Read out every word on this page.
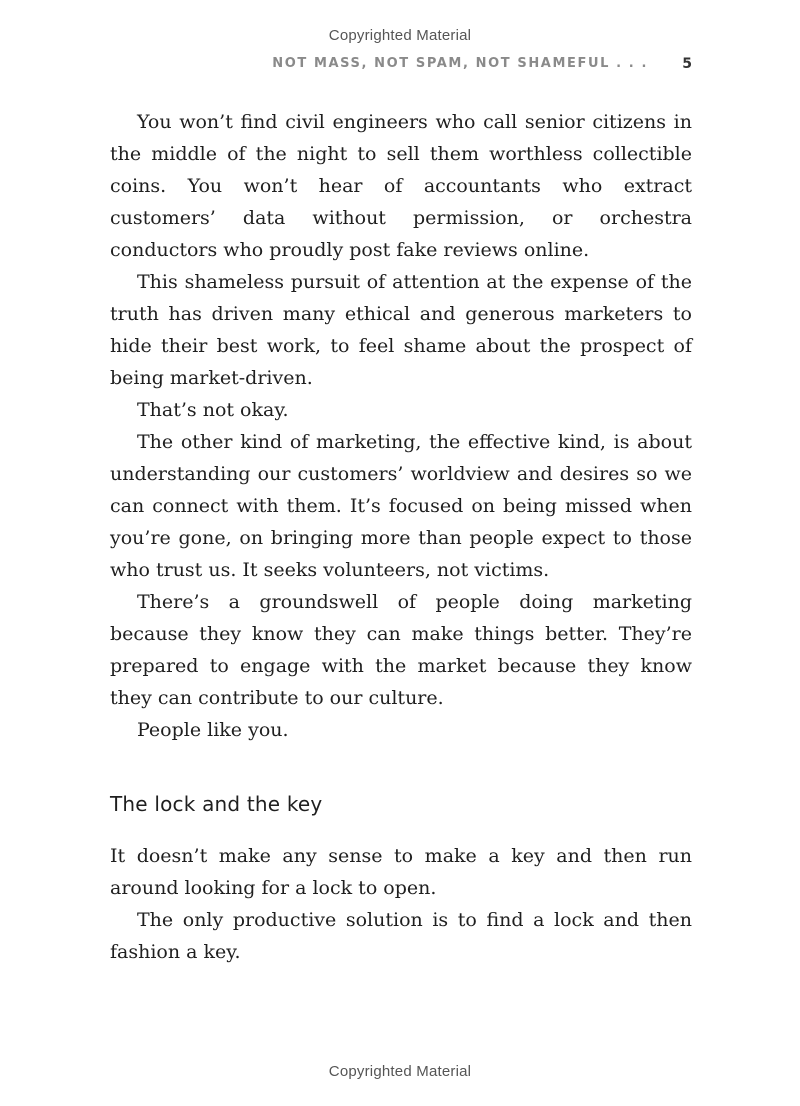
Copyrighted Material
NOT MASS, NOT SPAM, NOT SHAMEFUL . . . 5

You won’t find civil engineers who call senior citizens in the middle of the night to sell them worthless collectible coins. You won’t hear of accountants who extract customers’ data without permission, or orchestra conductors who proudly post fake reviews online.

This shameless pursuit of attention at the expense of the truth has driven many ethical and generous marketers to hide their best work, to feel shame about the prospect of being market-driven.

That’s not okay.

The other kind of marketing, the effective kind, is about understanding our customers’ worldview and desires so we can connect with them. It’s focused on being missed when you’re gone, on bringing more than people expect to those who trust us. It seeks volunteers, not victims.

There’s a groundswell of people doing marketing because they know they can make things better. They’re prepared to engage with the market because they know they can contribute to our culture.

People like you.

The lock and the key

It doesn’t make any sense to make a key and then run around looking for a lock to open.

The only productive solution is to find a lock and then fashion a key.

Copyrighted Material
